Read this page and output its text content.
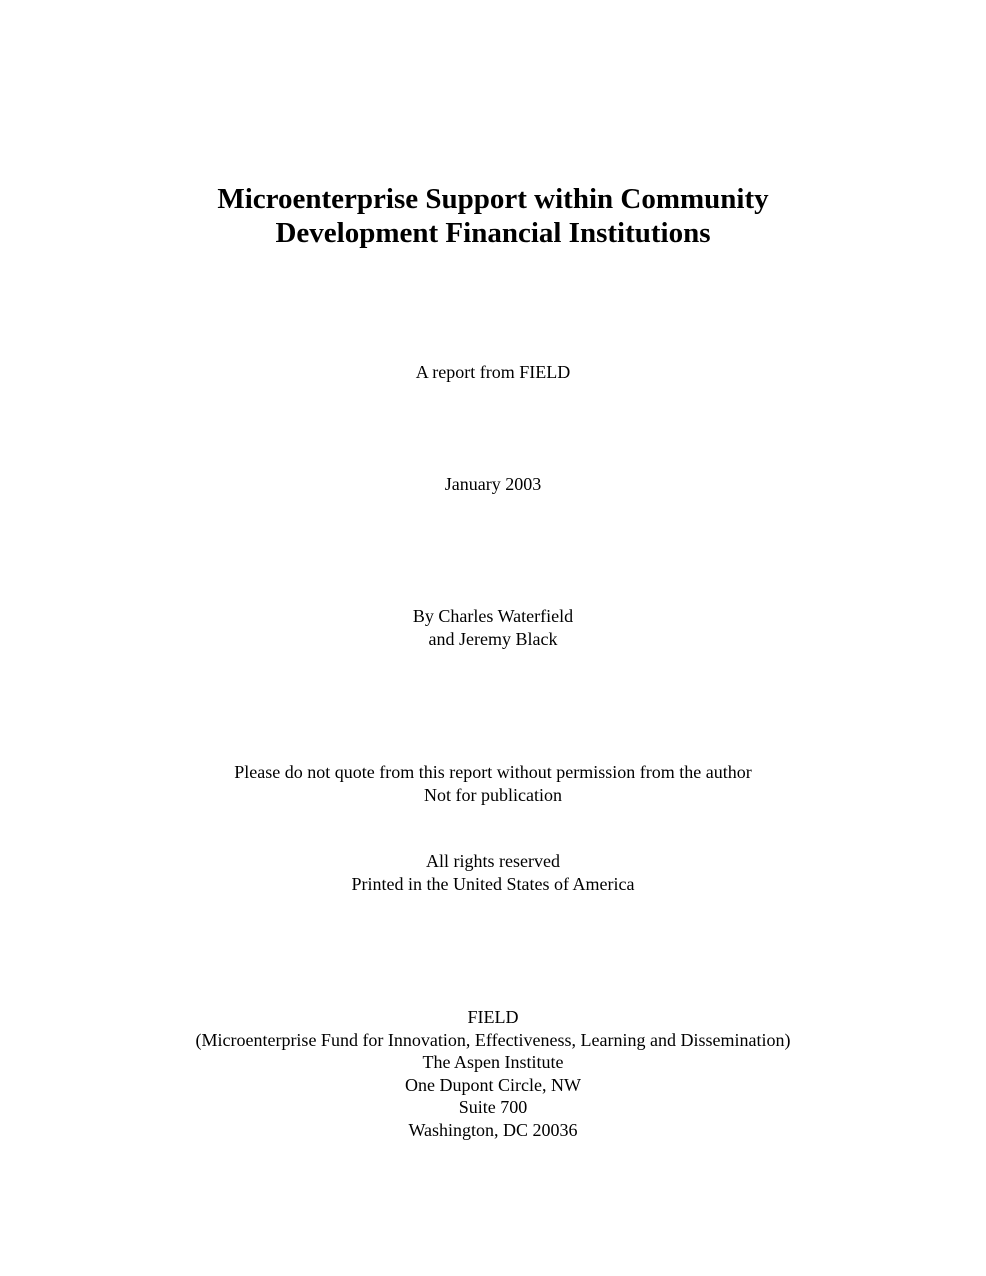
Microenterprise Support within Community
Development Financial Institutions
A report from FIELD
January 2003
By Charles Waterfield
and Jeremy Black
Please do not quote from this report without permission from the author
Not for publication
All rights reserved
Printed in the United States of America
FIELD
(Microenterprise Fund for Innovation, Effectiveness, Learning and Dissemination)
The Aspen Institute
One Dupont Circle, NW
Suite 700
Washington, DC 20036
